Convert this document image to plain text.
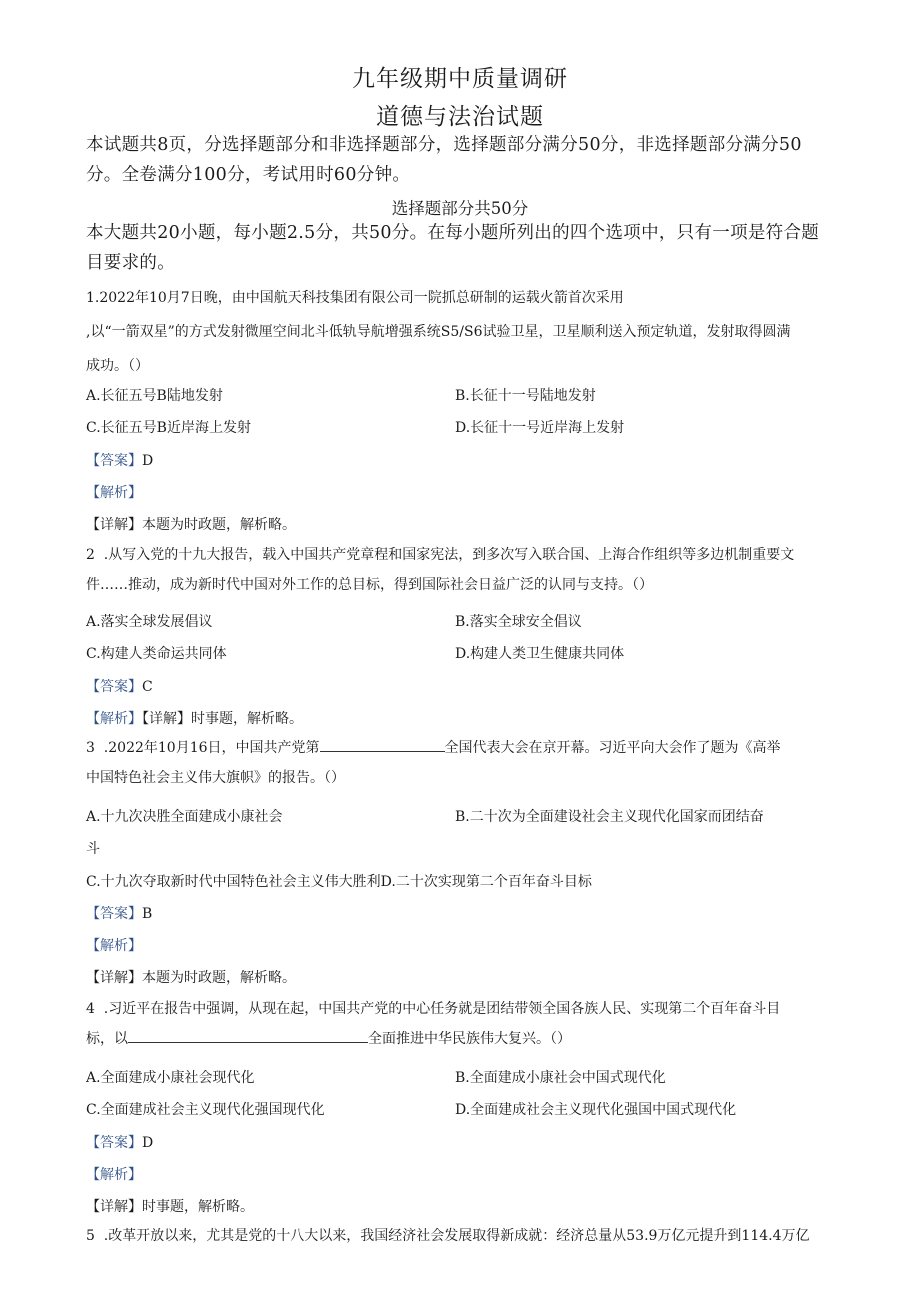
九年级期中质量调研
道德与法治试题
本试题共8页，分选择题部分和非选择题部分，选择题部分满分50分，非选择题部分满分50
分。全卷满分100分，考试用时60分钟。
选择题部分共50分
本大题共20小题，每小题2.5分，共50分。在每小题所列出的四个选项中，只有一项是符合题
目要求的。
1.2022年10月7日晚，由中国航天科技集团有限公司一院抓总研制的运载火箭首次采用
,以“一箭双星”的方式发射微厘空间北斗低轨导航增强系统S5/S6试验卫星，卫星顺利送入预定轨道，发射取得圆满
成功。（）
A.长征五号B陆地发射	B.长征十一号陆地发射
C.长征五号B近岸海上发射	D.长征十一号近岸海上发射
【答案】D
【解析】
【详解】本题为时政题，解析略。
2  .从写入党的十九大报告，载入中国共产党章程和国家宪法，到多次写入联合国、上海合作组织等多边机制重要文
件……推动，成为新时代中国对外工作的总目标，得到国际社会日益广泛的认同与支持。（）
A.落实全球发展倡议	B.落实全球安全倡议
C.构建人类命运共同体	D.构建人类卫生健康共同体
【答案】C
【解析】【详解】时事题，解析略。
3  .2022年10月16日，中国共产党第	全国代表大会在京开幕。习近平向大会作了题为《高举
中国特色社会主义伟大旗帜》的报告。（）
A.十九次决胜全面建成小康社会	B.二十次为全面建设社会主义现代化国家而团结奋
斗
C.十九次夺取新时代中国特色社会主义伟大胜利D.二十次实现第二个百年奋斗目标
【答案】B
【解析】
【详解】本题为时政题，解析略。
4  .习近平在报告中强调，从现在起，中国共产党的中心任务就是团结带领全国各族人民、实现第二个百年奋斗目
标，以	全面推进中华民族伟大复兴。（）
A.全面建成小康社会现代化	B.全面建成小康社会中国式现代化
C.全面建成社会主义现代化强国现代化	D.全面建成社会主义现代化强国中国式现代化
【答案】D
【解析】
【详解】时事题，解析略。
5  .改革开放以来，尤其是党的十八大以来，我国经济社会发展取得新成就：经济总量从53.9万亿元提升到114.4万亿
